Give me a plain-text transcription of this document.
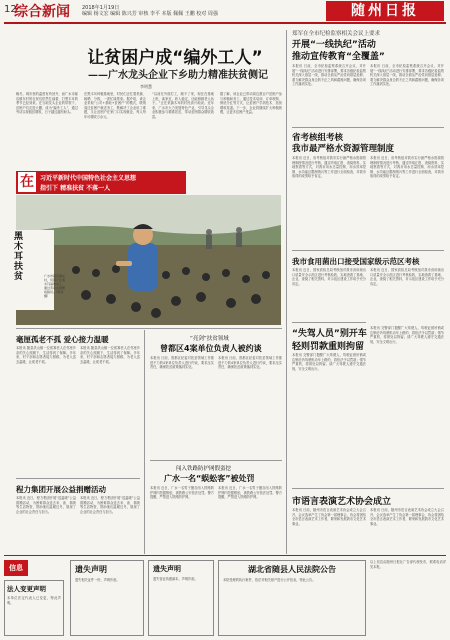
12
综合新闻 2018年1月19日
编辑 杨文宏 编辑 陈兴芳 审核 李平 本版 佩佩 王鹏 校对 周强	随州日报
让贫困户成“编外工人”
——广水龙头企业下乡助力精准扶贫侧记
李明慧
晚冬，城市里的温度有所回升，而广水市郝店镇东村的农民们依然忙碌着，打黑木耳的季节已经到来。在当地龙头企业的带领下，贫困户们走进大棚，成为“编外工人”，通过劳动实现脱贫增收，日子越过越有盼头。
在黑木耳种植基地里，村民们正忙着采摘、晾晒、分拣，一派忙碌景象。据介绍，该企业采取“公司+基地+贫困户”的模式，吸纳周边贫困户就近务工，既解决了企业用工难题，又让贫困户在家门口实现就业，每人每年可增收万余元。
“以前在外面打工，顾不了家，现在在基地上班，离家近，收入稳定，还能照顾老人孩子。”正在采摘木耳的村民高兴地说。近年来，广水市大力发展特色产业，引导龙头企业积极参与精准扶贫，带动贫困群众增收致富。
据了解，该企业已带动周边数百户贫困户参与种植和务工，通过技术培训、订单收购、保底分红等方式，让贫困户学到技术、拓宽增收渠道。下一步，企业将继续扩大种植规模，让更多贫困户受益。
在	习近平新时代中国特色社会主义思想
指引下 精准扶贫 不落一人
黑木耳扶贫	广水市郝店镇东村，贫困户在黑木耳基地务工，通过劳动实现增收脱贫。（陈涛 摄）
郑军在全市纪检监察相关会议上要求
开展“一线执纪”活动
推动宣传教育“全覆盖”
本报讯 日前，全市纪检监察系统召开会议，对开展“一线执纪”活动进行安排部署，要求各级纪检监察机关深入基层一线，推动全面从严治党向基层延伸，着力解决群众身边的不正之风和腐败问题，确保各项工作落到实处。
本报讯 日前，全市纪检监察系统召开会议，对开展“一线执纪”活动进行安排部署，要求各级纪检监察机关深入基层一线，推动全面从严治党向基层延伸，着力解决群众身边的不正之风和腐败问题，确保各项工作落到实处。
省考核组考核
我市最严格水资源管理制度
本报讯 近日，省考核组对我市实行最严格水资源管理制度情况进行考核，通过听取汇报、查阅资料、实地察看等方式，对我市用水总量控制、用水效率控制、水功能区限制纳污等工作进行全面检查，对我市取得的成绩给予肯定。
本报讯 近日，省考核组对我市实行最严格水资源管理制度情况进行考核，通过听取汇报、查阅资料、实地察看等方式，对我市用水总量控制、用水效率控制、水功能区限制纳污等工作进行全面检查，对我市取得的成绩给予肯定。
我市食用菌出口接受国家级示范区考核
本报讯 近日，国家质检总局考核组对我市食用菌出口质量安全示范区进行考核验收，实地查看了基地、企业，查阅了相关资料，对示范区建设工作给予充分肯定。
本报讯 近日，国家质检总局考核组对我市食用菌出口质量安全示范区进行考核验收，实地查看了基地、企业，查阅了相关资料，对示范区建设工作给予充分肯定。
“失驾人员”别开车
轻则罚款重则拘留
本报讯 交警部门提醒广大驾驶人，驾驶证被吊销或注销后仍驾驶机动车上路的，将依法予以罚款；情节严重的，将被处以拘留。请广大驾驶人遵守交通法规，安全文明出行。
本报讯 交警部门提醒广大驾驶人，驾驶证被吊销或注销后仍驾驶机动车上路的，将依法予以罚款；情节严重的，将被处以拘留。请广大驾驶人遵守交通法规，安全文明出行。
市语言表演艺术协会成立
本报讯 日前，随州市语言表演艺术协会成立大会召开，会议选举产生了协会第一届理事会，协会将团结全市语言表演艺术工作者，繁荣和发展我市文化艺术事业。
本报讯 日前，随州市语言表演艺术协会成立大会召开，会议选举产生了协会第一届理事会，协会将团结全市语言表演艺术工作者，繁荣和发展我市文化艺术事业。
毫厘孤老不孤 爱心接力温暖
本报讯 随县洪山镇一位孤寡老人在邻里乡亲的关心照顾下，生活得到了保障。多年来，村干部和志愿者接力照顾，为老人送去温暖，让孤老不孤。
本报讯 随县洪山镇一位孤寡老人在邻里乡亲的关心照顾下，生活得到了保障。多年来，村干部和志愿者接力照顾，为老人送去温暖，让孤老不孤。
程力集团开展公益捐赠活动
本报讯 近日，程力集团开展“送温暖”公益捐赠活动，为困难群众送去米、油、棉被等生活物资，帮助他们温暖过冬，展现了企业的社会责任与担当。
本报讯 近日，程力集团开展“送温暖”公益捐赠活动，为困难群众送去米、油、棉被等生活物资，帮助他们温暖过冬，展现了企业的社会责任与担当。
“亮剑”扶贫领域
曾都区4案单位负责人被约谈
本报讯 日前，曾都区纪委对扶贫领域工作推进不力的4家单位负责人进行约谈，要求压实责任，确保扶贫政策落到实处。
本报讯 日前，曾都区纪委对扶贫领域工作推进不力的4家单位负责人进行约谈，要求压实责任，确保扶贫政策落到实处。
闯入铁路防护网假蛮挖
广水一名“蜈蚣客”被处罚
本报讯 近日，广水一名男子擅自闯入铁路防护网内挖掘蜈蚣，被铁路公安依法处罚。警方提醒，严禁进入铁路防护网。
本报讯 近日，广水一名男子擅自闯入铁路防护网内挖掘蜈蚣，被铁路公安依法处罚。警方提醒，严禁进入铁路防护网。
信息
法人变更声明
本单位法定代表人已变更，特此声明。
遗失声明
遗失相关证件一份，声明作废。
遗失声明
遗失营业执照副本，声明作废。
湖北省随县人民法院公告
本院受理的执行案件，依法对相关财产进行公开拍卖，特此公告。
以上信息由随州日报社广告部代理发布，联系电话详见本报。
